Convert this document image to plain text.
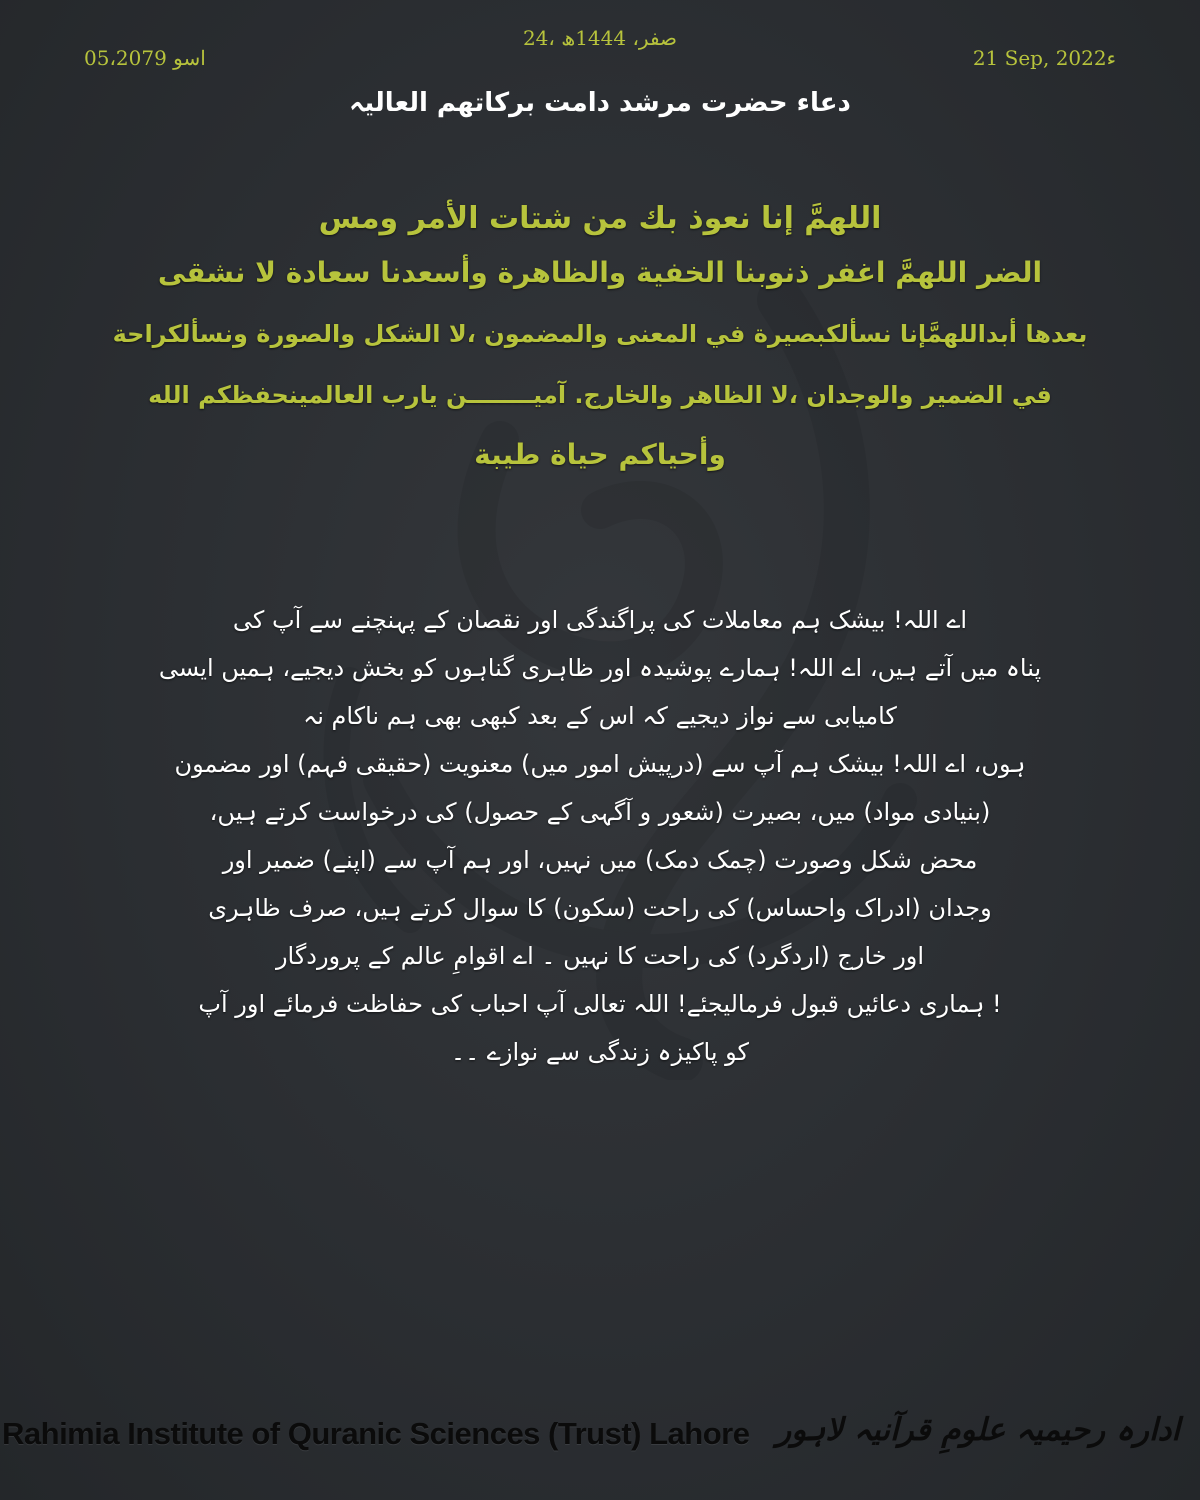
24، صفر، 1444ھ
05،اسو 2079	21 Sep, 2022ء
دعاء حضرت مرشد دامت برکاتھم العالیہ
اللهمَّ إنا نعوذ بك من شتات الأمر ومس
الضر اللهمَّ اغفر ذنوبنا الخفية والظاهرة وأسعدنا سعادة لا نشقى
بعدها أبداللهمَّإنا نسألكبصيرة في المعنى والمضمون ،لا الشكل والصورة ونسألكراحة
في الضمير والوجدان ،لا الظاهر والخارج. آميــــــــن يارب العالمينحفظكم الله
وأحياكم حياة طيبة
اے اللہ! بیشک ہم معاملات کی پراگندگی اور نقصان کے پہنچنے سے آپ کی
پناہ میں آتے ہیں، اے اللہ! ہمارے پوشیدہ اور ظاہری گناہوں کو بخش دیجیے، ہمیں ایسی
کامیابی سے نواز دیجیے کہ اس کے بعد کبھی بھی ہم ناکام نہ
ہوں، اے اللہ! بیشک ہم آپ سے (درپیش امور میں) معنویت (حقیقی فہم) اور مضمون
(بنیادی مواد) میں، بصیرت (شعور و آگہی کے حصول) کی درخواست کرتے ہیں،
محض شکل وصورت (چمک دمک) میں نہیں، اور ہم آپ سے (اپنے) ضمیر اور
وجدان (ادراک واحساس) کی راحت (سکون) کا سوال کرتے ہیں، صرف ظاہری
اور خارج (اردگرد) کی راحت کا نہیں ۔ اے اقوامِ عالم کے پروردگار
! ہماری دعائیں قبول فرمالیجئے! اللہ تعالی آپ احباب کی حفاظت فرمائے اور آپ
کو پاکیزہ زندگی سے نوازے ۔۔
Rahimia Institute of Quranic Sciences (Trust) Lahore ادارہ رحیمیہ علومِ قرآنیہ لاہور
